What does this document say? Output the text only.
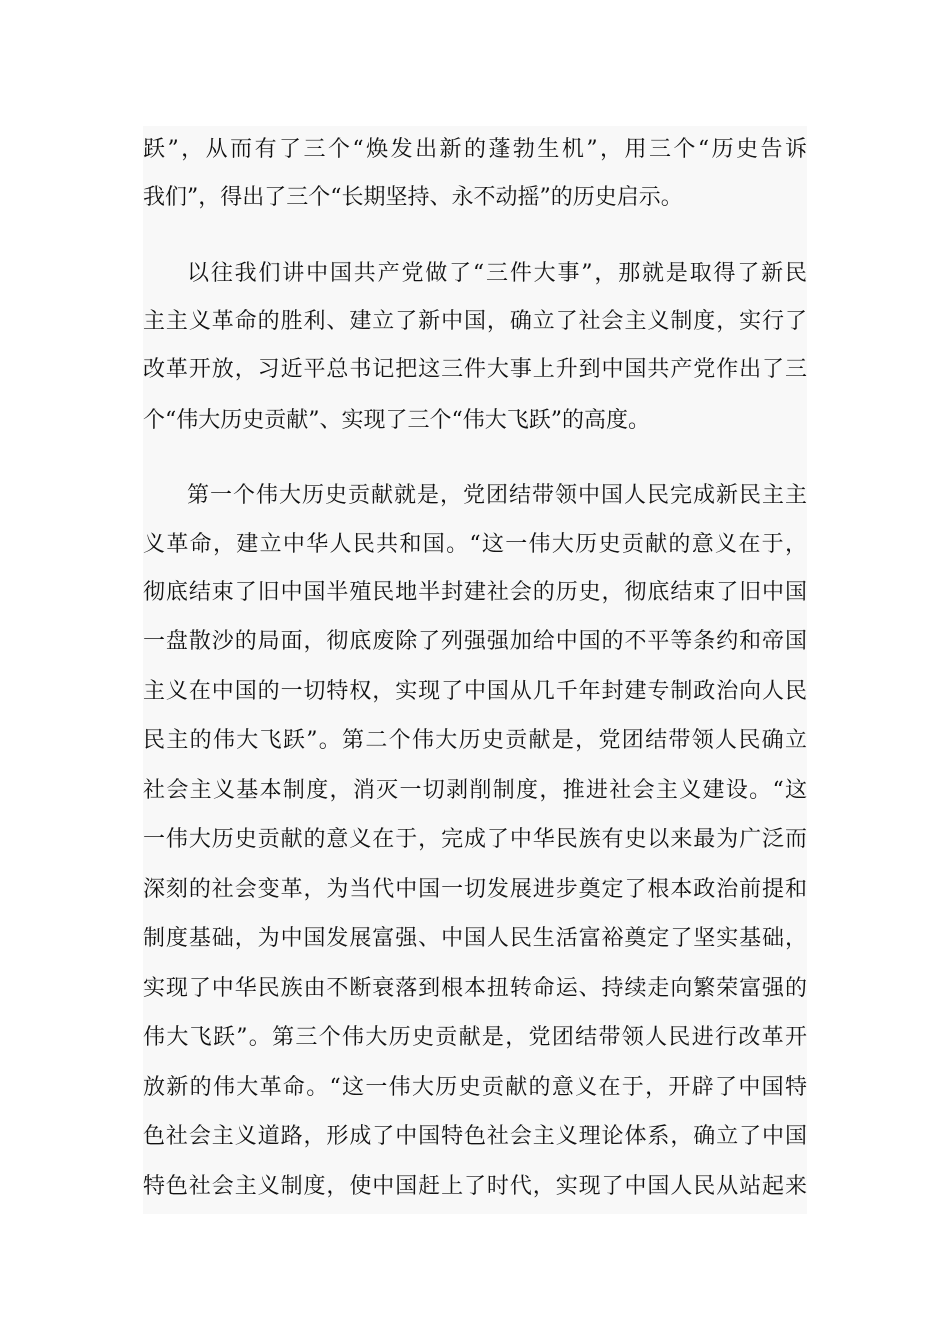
跃”，从而有了三个“焕发出新的蓬勃生机”，用三个“历史告诉
我们”，得出了三个“长期坚持、永不动摇”的历史启示。
以往我们讲中国共产党做了“三件大事”，那就是取得了新民
主主义革命的胜利、建立了新中国，确立了社会主义制度，实行了
改革开放，习近平总书记把这三件大事上升到中国共产党作出了三
个“伟大历史贡献”、实现了三个“伟大飞跃”的高度。
第一个伟大历史贡献就是，党团结带领中国人民完成新民主主
义革命，建立中华人民共和国。“这一伟大历史贡献的意义在于，
彻底结束了旧中国半殖民地半封建社会的历史，彻底结束了旧中国
一盘散沙的局面，彻底废除了列强强加给中国的不平等条约和帝国
主义在中国的一切特权，实现了中国从几千年封建专制政治向人民
民主的伟大飞跃”。第二个伟大历史贡献是，党团结带领人民确立
社会主义基本制度，消灭一切剥削制度，推进社会主义建设。“这
一伟大历史贡献的意义在于，完成了中华民族有史以来最为广泛而
深刻的社会变革，为当代中国一切发展进步奠定了根本政治前提和
制度基础，为中国发展富强、中国人民生活富裕奠定了坚实基础，
实现了中华民族由不断衰落到根本扭转命运、持续走向繁荣富强的
伟大飞跃”。第三个伟大历史贡献是，党团结带领人民进行改革开
放新的伟大革命。“这一伟大历史贡献的意义在于，开辟了中国特
色社会主义道路，形成了中国特色社会主义理论体系，确立了中国
特色社会主义制度，使中国赶上了时代，实现了中国人民从站起来
